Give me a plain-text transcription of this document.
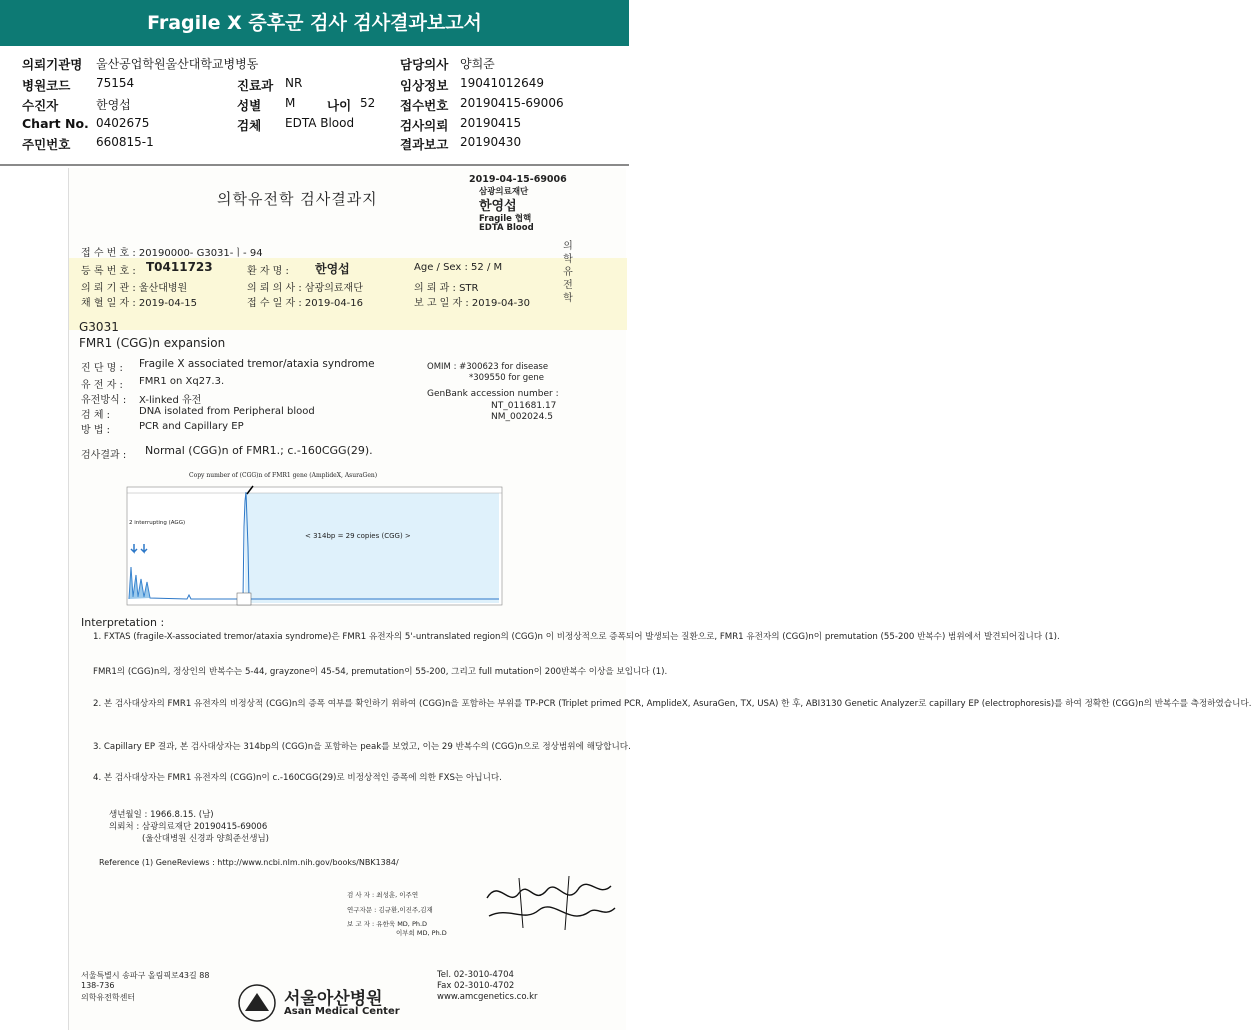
Fragile X 증후군 검사 검사결과보고서
의뢰기관명 울산공업학원울산대학교병병동	담당의사 양희준
병원코드 75154	진료과 NR	임상정보 19041012649
수진자	한영섭	성별 M	나이 52 접수번호 20190415-69006
Chart No. 0402675	검체 EDTA Blood	검사의뢰 20190415
주민번호 660815-1	결과보고 20190430
2019-04-15-69006
삼광의료재단
한영섭
Fragile 협핵
EDTA Blood
의학유전학 검사결과지
의 학 유 전 학
접 수 번 호 : 20190000- G3031-ㅣ- 94
등 록 번 호 : T0411723	환 자 명 : 한영섭	Age / Sex : 52 / M
의 뢰 기 관 : 울산대병원	의 뢰 의 사 : 삼광의료재단	의 뢰 과 : STR
채 혈 일 자 : 2019-04-15	접 수 일 자 : 2019-04-16	보 고 일 자 : 2019-04-30
G3031
FMR1 (CGG)n expansion
진 단 명 : Fragile X associated tremor/ataxia syndrome
유 전 자 : FMR1 on Xq27.3.
유전방식 : X-linked 유전
검 체 :	DNA isolated from Peripheral blood
방 법 :	PCR and Capillary EP
OMIM : #300623 for disease
*309550 for gene
GenBank accession number :
NT_011681.17
NM_002024.5
검사결과 : Normal (CGG)n of FMR1.; c.-160CGG(29).
Copy number of (CGG)n of FMR1 gene (AmplideX, AsuraGen)
2 interrupting (AGG)
< 314bp = 29 copies (CGG) >
Interpretation :
1. FXTAS (fragile-X-associated tremor/ataxia syndrome)은 FMR1 유전자의 5'-untranslated region의 (CGG)n 이 비정상적으로 증폭되어 발생되는 질환으로, FMR1 유전자의 (CGG)n이 premutation (55-200 반복수) 범위에서 발견되어집니다 (1).
FMR1의 (CGG)n의, 정상인의 반복수는 5-44, grayzone이 45-54, premutation이 55-200, 그리고 full mutation이 200반복수 이상을 보입니다 (1).
2. 본 검사대상자의 FMR1 유전자의 비정상적 (CGG)n의 증폭 여부를 확인하기 위하여 (CGG)n을 포함하는 부위를 TP-PCR (Triplet primed PCR, AmplideX, AsuraGen, TX, USA) 한 후, ABI3130 Genetic Analyzer로 capillary EP (electrophoresis)를 하여 정확한 (CGG)n의 반복수를 측정하였습니다.
3. Capillary EP 결과, 본 검사대상자는 314bp의 (CGG)n을 포함하는 peak를 보였고, 이는 29 반복수의 (CGG)n으로 정상범위에 해당합니다.
4. 본 검사대상자는 FMR1 유전자의 (CGG)n이 c.-160CGG(29)로 비정상적인 증폭에 의한 FXS는 아닙니다.
생년월일 : 1966.8.15. (남)
의뢰처 : 삼광의료재단 20190415-69006
(울산대병원 신경과 양희준선생님)
Reference (1) GeneReviews : http://www.ncbi.nlm.nih.gov/books/NBK1384/
검 사 자 : 최성훈, 이주연
연구자문 : 김규환,이진주,김재
보 고 자 : 유한욱 MD, Ph.D
이부희 MD, Ph.D
서울특별시 송파구 올림픽로43길 88
138-736
의학유전학센터	서울아산병원
Asan Medical Center
Tel. 02-3010-4704
Fax 02-3010-4702
www.amcgenetics.co.kr
